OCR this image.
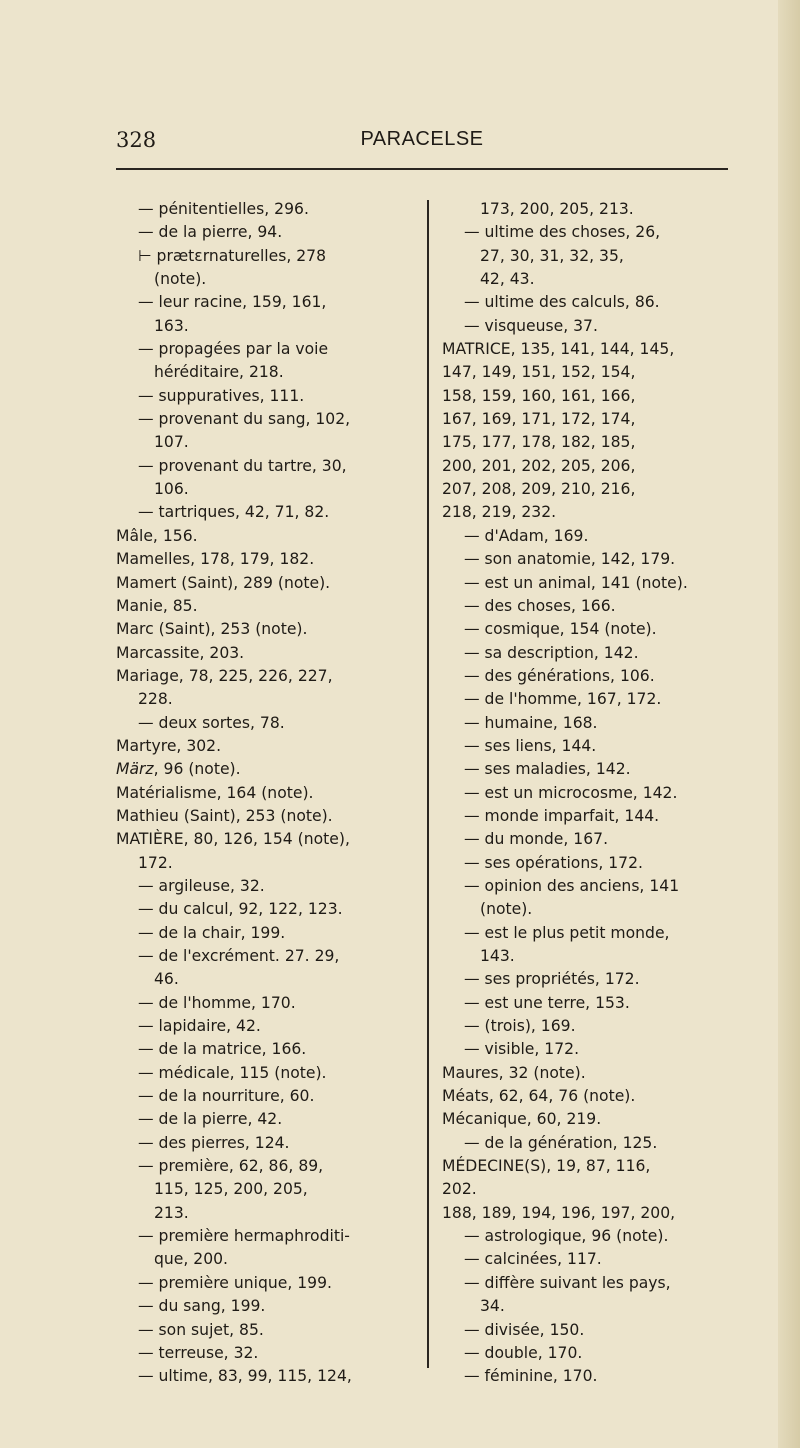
PARACELSE
328
— pénitentielles, 296.
— de la pierre, 94.
⊢ prætεrnaturelles, 278
(note).
— leur racine, 159, 161,
163.
— propagées par la voie
héréditaire, 218.
— suppuratives, 111.
— provenant du sang, 102,
107.
— provenant du tartre, 30,
106.
— tartriques, 42, 71, 82.
Mâle, 156.
Mamelles, 178, 179, 182.
Mamert (Saint), 289 (note).
Manie, 85.
Marc (Saint), 253 (note).
Marcassite, 203.
Mariage, 78, 225, 226, 227,
228.
— deux sortes, 78.
Martyre, 302.
März, 96 (note).
Matérialisme, 164 (note).
Mathieu (Saint), 253 (note).
MATIÈRE, 80, 126, 154 (note),
172.
— argileuse, 32.
— du calcul, 92, 122, 123.
— de la chair, 199.
— de l'excrément. 27. 29,
46.
— de l'homme, 170.
— lapidaire, 42.
— de la matrice, 166.
— médicale, 115 (note).
— de la nourriture, 60.
— de la pierre, 42.
— des pierres, 124.
— première, 62, 86, 89,
115, 125, 200, 205,
213.
— première hermaphroditi-
que, 200.
— première unique, 199.
— du sang, 199.
— son sujet, 85.
— terreuse, 32.
— ultime, 83, 99, 115, 124,
173, 200, 205, 213.
— ultime des choses, 26,
27, 30, 31, 32, 35,
42, 43.
— ultime des calculs, 86.
— visqueuse, 37.
MATRICE, 135, 141, 144, 145,
147, 149, 151, 152, 154,
158, 159, 160, 161, 166,
167, 169, 171, 172, 174,
175, 177, 178, 182, 185,
200, 201, 202, 205, 206,
207, 208, 209, 210, 216,
218, 219, 232.
— d'Adam, 169.
— son anatomie, 142, 179.
— est un animal, 141 (note).
— des choses, 166.
— cosmique, 154 (note).
— sa description, 142.
— des générations, 106.
— de l'homme, 167, 172.
— humaine, 168.
— ses liens, 144.
— ses maladies, 142.
— est un microcosme, 142.
— monde imparfait, 144.
— du monde, 167.
— ses opérations, 172.
— opinion des anciens, 141
(note).
— est le plus petit monde,
143.
— ses propriétés, 172.
— est une terre, 153.
— (trois), 169.
— visible, 172.
Maures, 32 (note).
Méats, 62, 64, 76 (note).
Mécanique, 60, 219.
— de la génération, 125.
MÉDECINE(S), 19, 87, 116,
202.
188, 189, 194, 196, 197, 200,
— astrologique, 96 (note).
— calcinées, 117.
— diffère suivant les pays,
34.
— divisée, 150.
— double, 170.
— féminine, 170.
